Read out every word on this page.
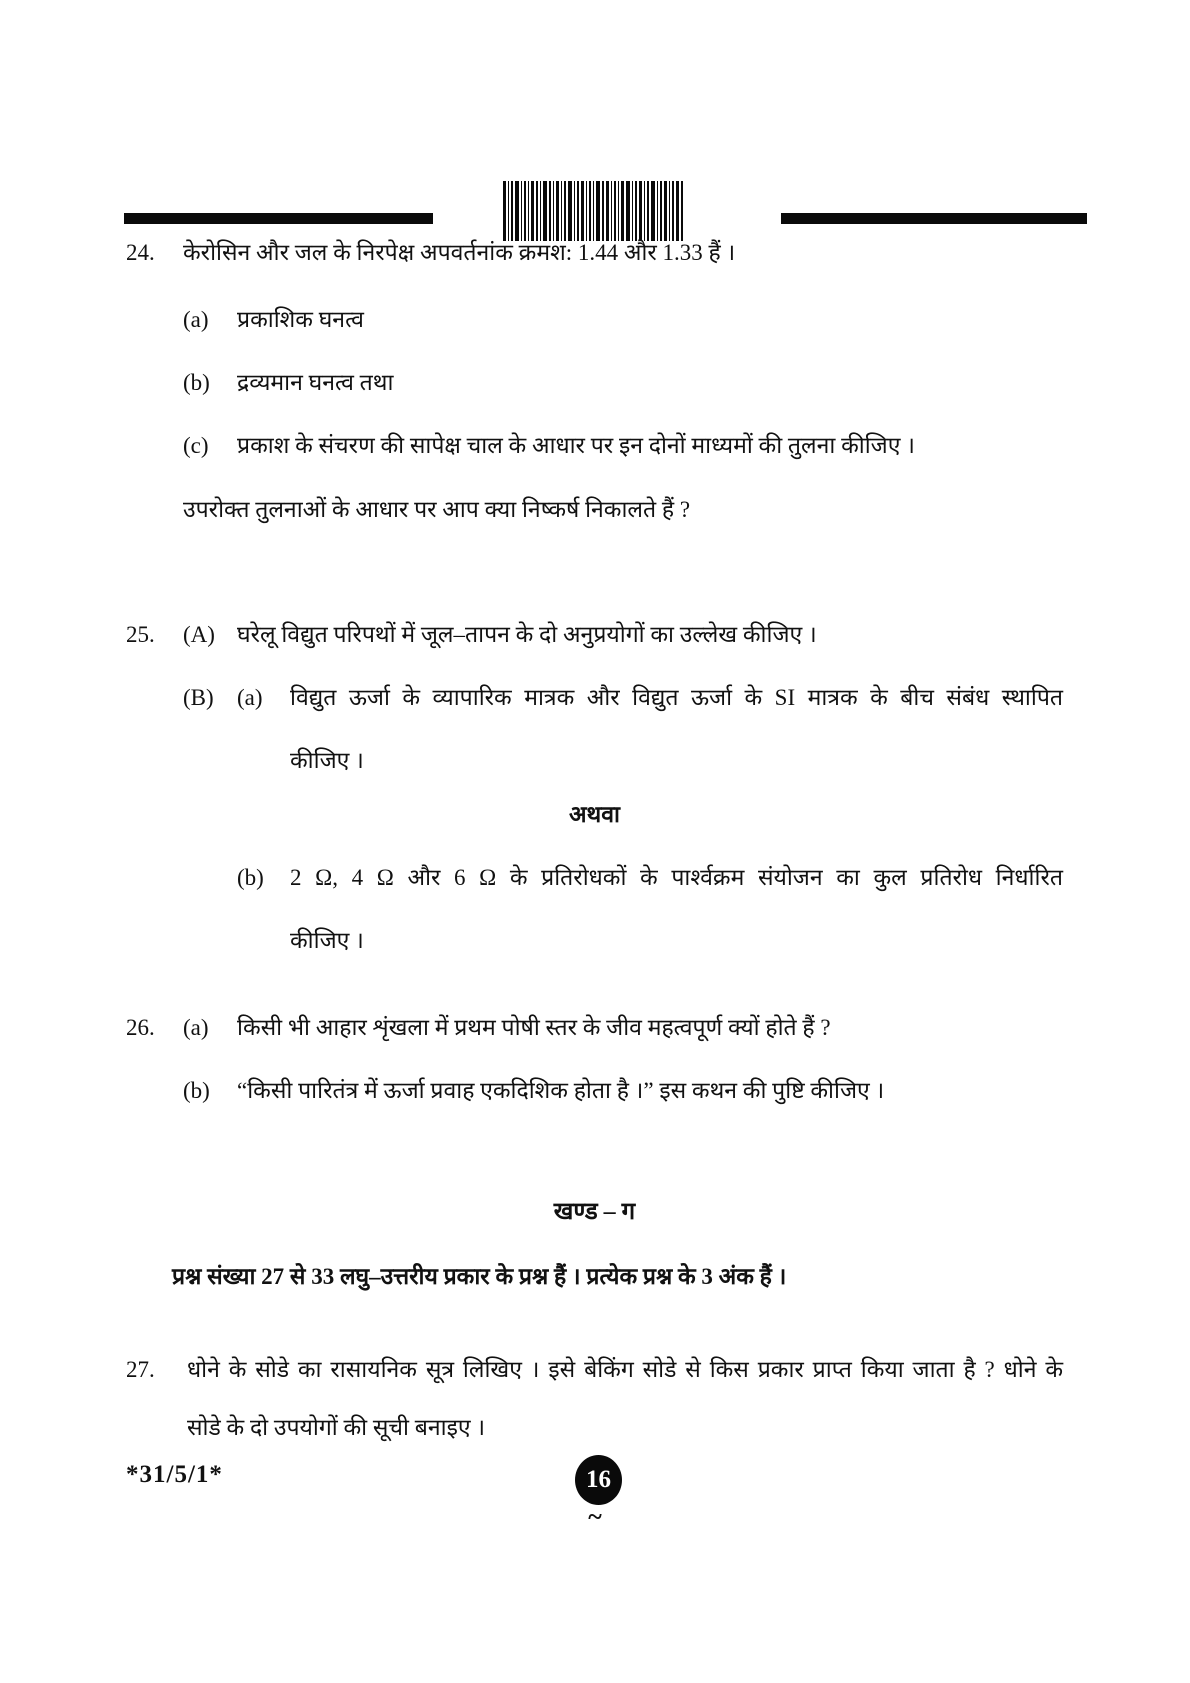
24.	केरोसिन और जल के निरपेक्ष अपवर्तनांक क्रमश: 1.44 और 1.33 हैं ।
(a)	प्रकाशिक घनत्व
(b)	द्रव्यमान घनत्व तथा
(c)	प्रकाश के संचरण की सापेक्ष चाल के आधार पर इन दोनों माध्यमों की तुलना कीजिए ।
उपरोक्त तुलनाओं के आधार पर आप क्या निष्कर्ष निकालते हैं ?
25.	(A) घरेलू विद्युत परिपथों में जूल–तापन के दो अनुप्रयोगों का उल्लेख कीजिए ।
(B)	(a)	विद्युत ऊर्जा के व्यापारिक मात्रक और विद्युत ऊर्जा के SI मात्रक के बीच संबंध स्थापित
कीजिए ।
अथवा
(b)	2 Ω, 4 Ω और 6 Ω के प्रतिरोधकों के पार्श्वक्रम संयोजन का कुल प्रतिरोध निर्धारित
कीजिए ।
26.	(a)	किसी भी आहार शृंखला में प्रथम पोषी स्तर के जीव महत्वपूर्ण क्यों होते हैं ?
(b)	“किसी पारितंत्र में ऊर्जा प्रवाह एकदिशिक होता है ।” इस कथन की पुष्टि कीजिए ।
खण्ड – ग
प्रश्न संख्या 27 से 33 लघु–उत्तरीय प्रकार के प्रश्न हैं । प्रत्येक प्रश्न के 3 अंक हैं ।
27.	धोने के सोडे का रासायनिक सूत्र लिखिए । इसे बेकिंग सोडे से किस प्रकार प्राप्त किया जाता है ? धोने के
सोडे के दो उपयोगों की सूची बनाइए ।
*31/5/1*	16
~
